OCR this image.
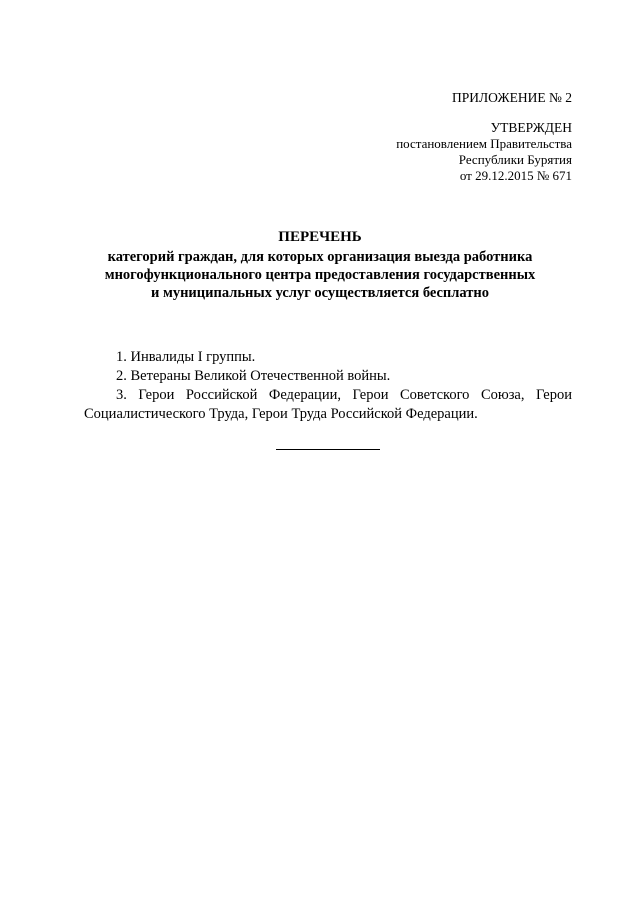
ПРИЛОЖЕНИЕ № 2
УТВЕРЖДЕН
постановлением Правительства
Республики Бурятия
от 29.12.2015 № 671
ПЕРЕЧЕНЬ
категорий граждан, для которых организация выезда работника
многофункционального центра предоставления государственных
и муниципальных услуг осуществляется бесплатно
1. Инвалиды I группы.
2. Ветераны Великой Отечественной войны.
3. Герои Российской Федерации, Герои Советского Союза, Герои Социалистического Труда, Герои Труда Российской Федерации.
